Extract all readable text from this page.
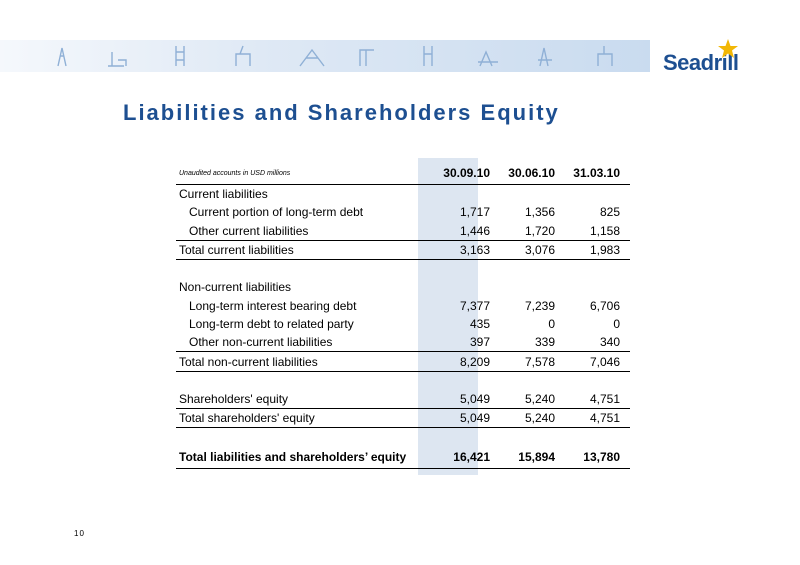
Seadrill
Liabilities and Shareholders Equity
Unaudited accounts in USD millions	30.09.10	30.06.10	31.03.10
Current liabilities			
Current portion of long-term debt	1,717	1,356	825
Other current liabilities	1,446	1,720	1,158
Total current liabilities	3,163	3,076	1,983

Non-current liabilities			
Long-term interest bearing debt	7,377	7,239	6,706
Long-term debt to related party	435	0	0
Other non-current liabilities	397	339	340
Total non-current liabilities	8,209	7,578	7,046

Shareholders' equity	5,049	5,240	4,751
Total shareholders' equity	5,049	5,240	4,751

Total liabilities and shareholders’ equity	16,421	15,894	13,780
10
